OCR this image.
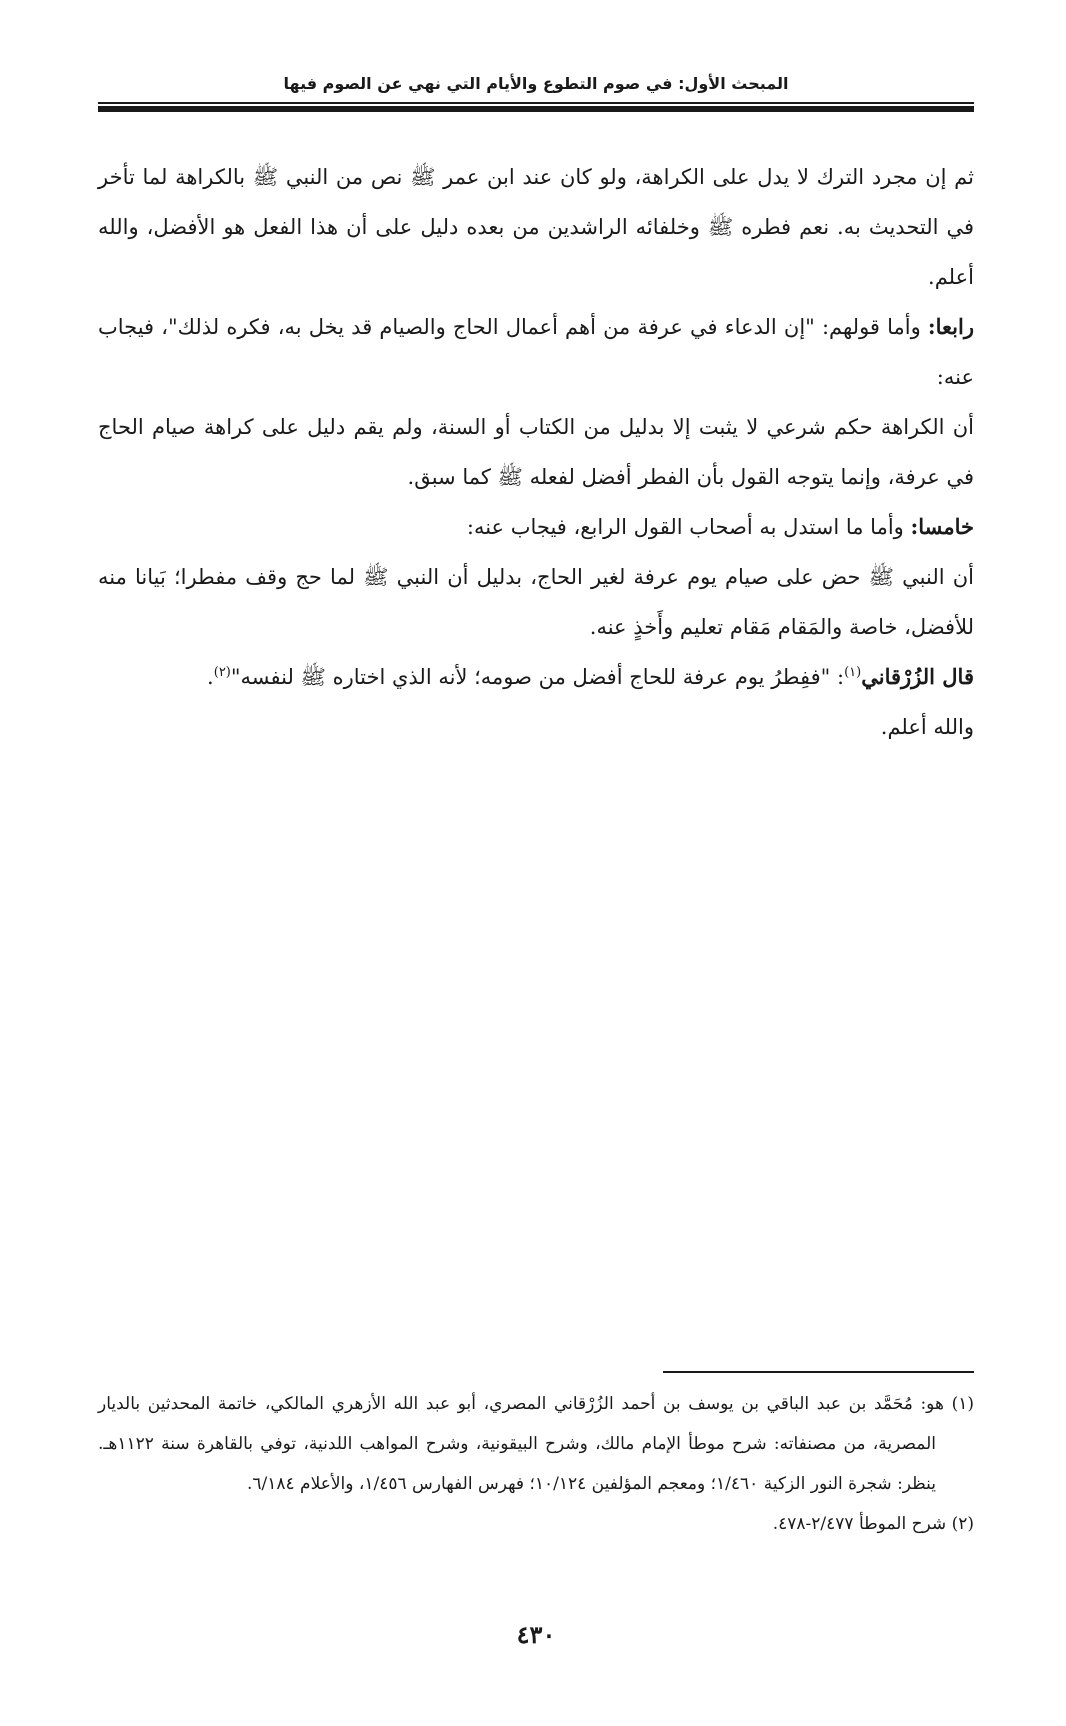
المبحث الأول: في صوم التطوع والأيام التي نهي عن الصوم فيها

ثم إن مجرد الترك لا يدل على الكراهة، ولو كان عند ابن عمر ﷺ نص من النبي ﷺ بالكراهة لما تأخر في التحديث به. نعم فطره ﷺ وخلفائه الراشدين من بعده دليل على أن هذا الفعل هو الأفضل، والله أعلم.

رابعا: وأما قولهم: "إن الدعاء في عرفة من أهم أعمال الحاج والصيام قد يخل به، فكره لذلك"، فيجاب عنه:

أن الكراهة حكم شرعي لا يثبت إلا بدليل من الكتاب أو السنة، ولم يقم دليل على كراهة صيام الحاج في عرفة، وإنما يتوجه القول بأن الفطر أفضل لفعله ﷺ كما سبق.

خامسا: وأما ما استدل به أصحاب القول الرابع، فيجاب عنه:

أن النبي ﷺ حض على صيام يوم عرفة لغير الحاج، بدليل أن النبي ﷺ لما حج وقف مفطرا؛ بَيانا منه للأفضل، خاصة والمَقام مَقام تعليم وأَخذٍ عنه.

قال الزُرْقاني$^{(١)}$: "ففِطرُ يوم عرفة للحاج أفضل من صومه؛ لأنه الذي اختاره ﷺ لنفسه"$^{(٢)}$.

والله أعلم.

(١) هو: مُحَمَّد بن عبد الباقي بن يوسف بن أحمد الزُرْقاني المصري، أبو عبد الله الأزهري المالكي، خاتمة المحدثين بالديار المصرية، من مصنفاته: شرح موطأ الإمام مالك، وشرح البيقونية، وشرح المواهب اللدنية، توفي بالقاهرة سنة ١١٢٢هـ. ينظر: شجرة النور الزكية ١/٤٦٠؛ ومعجم المؤلفين ١٠/١٢٤؛ فهرس الفهارس ١/٤٥٦، والأعلام ٦/١٨٤.

(٢) شرح الموطأ ٢/٤٧٧-٤٧٨.

٤٣٠
